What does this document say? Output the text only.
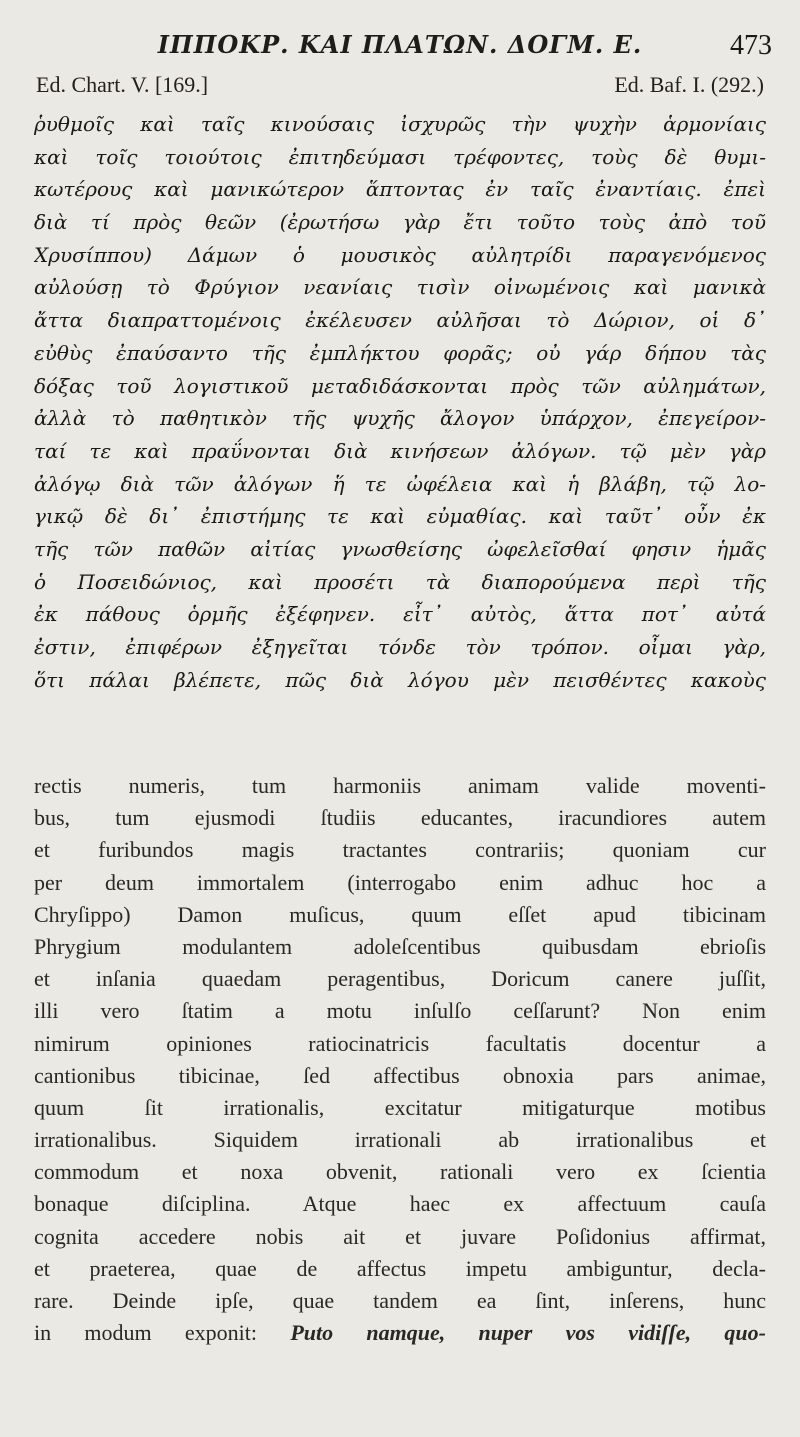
ΙΠΠΟΚΡ. ΚΑΙ ΠΛΑΤΩΝ. ΔΟΓΜ. Ε.	473
Ed. Chart. V. [169.]	Ed. Baf. I. (292.)
ῥυθμοῖς καὶ ταῖς κινούσαις ἰσχυρῶς τὴν ψυχὴν ἁρμονίαις
καὶ τοῖς τοιούτοις ἐπιτηδεύμασι τρέφοντες, τοὺς δὲ θυμι-
κωτέρους καὶ μανικώτερον ἅπτοντας ἐν ταῖς ἐναντίαις. ἐπεὶ
διὰ τί πρὸς θεῶν (ἐρωτήσω γὰρ ἔτι τοῦτο τοὺς ἀπὸ τοῦ
Χρυσίππου) Δάμων ὁ μουσικὸς αὐλητρίδι παραγενόμενος
αὐλούσῃ τὸ Φρύγιον νεανίαις τισὶν οἰνωμένοις καὶ μανικὰ
ἄττα διαπραττομένοις ἐκέλευσεν αὐλῆσαι τὸ Δώριον, οἱ δ᾽
εὐθὺς ἐπαύσαντο τῆς ἐμπλήκτου φορᾶς; οὐ γάρ δήπου τὰς
δόξας τοῦ λογιστικοῦ μεταδιδάσκονται πρὸς τῶν αὐλημάτων,
ἀλλὰ τὸ παθητικὸν τῆς ψυχῆς ἄλογον ὑπάρχον, ἐπεγείρον-
ταί τε καὶ πραΰνονται διὰ κινήσεων ἀλόγων. τῷ μὲν γὰρ
ἀλόγῳ διὰ τῶν ἀλόγων ἥ τε ὠφέλεια καὶ ἡ βλάβη, τῷ λο-
γικῷ δὲ δι᾽ ἐπιστήμης τε καὶ εὐμαθίας. καὶ ταῦτ᾽ οὖν ἐκ
τῆς τῶν παθῶν αἰτίας γνωσθείσης ὠφελεῖσθαί φησιν ἡμᾶς
ὁ Ποσειδώνιος, καὶ προσέτι τὰ διαπορούμενα περὶ τῆς
ἐκ πάθους ὁρμῆς ἐξέφηνεν. εἶτ᾽ αὐτὸς, ἅττα ποτ᾽ αὐτά
ἐστιν, ἐπιφέρων ἐξηγεῖται τόνδε τὸν τρόπον. οἶμαι γὰρ,
ὅτι πάλαι βλέπετε, πῶς διὰ λόγου μὲν πεισθέντες κακοὺς
rectis numeris, tum harmoniis animam valide moventi-
bus, tum ejusmodi ſtudiis educantes, iracundiores autem
et furibundos magis tractantes contrariis; quoniam cur
per deum immortalem (interrogabo enim adhuc hoc a
Chryſippo) Damon muſicus, quum eſſet apud tibicinam
Phrygium modulantem adoleſcentibus quibusdam ebrioſis
et inſania quaedam peragentibus, Doricum canere juſſit,
illi vero ſtatim a motu inſulſo ceſſarunt? Non enim
nimirum opiniones ratiocinatricis facultatis docentur a
cantionibus tibicinae, ſed affectibus obnoxia pars animae,
quum ſit irrationalis, excitatur mitigaturque motibus
irrationalibus. Siquidem irrationali ab irrationalibus et
commodum et noxa obvenit, rationali vero ex ſcientia
bonaque diſciplina. Atque haec ex affectuum cauſa
cognita accedere nobis ait et juvare Poſidonius affirmat,
et praeterea, quae de affectus impetu ambiguntur, decla-
rare. Deinde ipſe, quae tandem ea ſint, inſerens, hunc
in modum exponit: Puto namque, nuper vos vidiſſe, quo-
